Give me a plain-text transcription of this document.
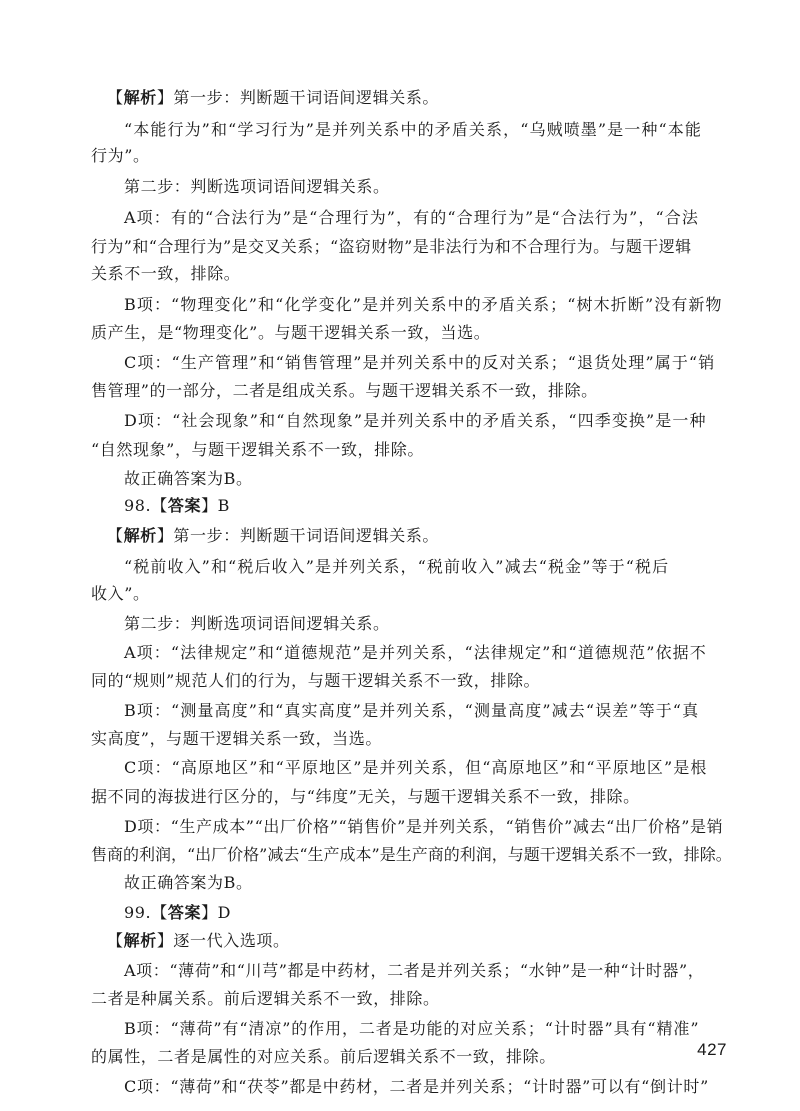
【解析】第一步：判断题干词语间逻辑关系。

“本能行为”和“学习行为”是并列关系中的矛盾关系，“乌贼喷墨”是一种“本能

行为”。

第二步：判断选项词语间逻辑关系。

A项：有的“合法行为”是“合理行为”，有的“合理行为”是“合法行为”，“合法

行为”和“合理行为”是交叉关系；“盗窃财物”是非法行为和不合理行为。与题干逻辑

关系不一致，排除。

B项：“物理变化”和“化学变化”是并列关系中的矛盾关系；“树木折断”没有新物

质产生，是“物理变化”。与题干逻辑关系一致，当选。

C项：“生产管理”和“销售管理”是并列关系中的反对关系；“退货处理”属于“销

售管理”的一部分，二者是组成关系。与题干逻辑关系不一致，排除。

D项：“社会现象”和“自然现象”是并列关系中的矛盾关系，“四季变换”是一种

“自然现象”，与题干逻辑关系不一致，排除。

故正确答案为B。

98.【答案】B

【解析】第一步：判断题干词语间逻辑关系。

“税前收入”和“税后收入”是并列关系，“税前收入”减去“税金”等于“税后

收入”。

第二步：判断选项词语间逻辑关系。

A项：“法律规定”和“道德规范”是并列关系，“法律规定”和“道德规范”依据不

同的“规则”规范人们的行为，与题干逻辑关系不一致，排除。

B项：“测量高度”和“真实高度”是并列关系，“测量高度”减去“误差”等于“真

实高度”，与题干逻辑关系一致，当选。

C项：“高原地区”和“平原地区”是并列关系，但“高原地区”和“平原地区”是根

据不同的海拔进行区分的，与“纬度”无关，与题干逻辑关系不一致，排除。

D项：“生产成本”“出厂价格”“销售价”是并列关系，“销售价”减去“出厂价格”是销

售商的利润，“出厂价格”减去“生产成本”是生产商的利润，与题干逻辑关系不一致，排除。

故正确答案为B。

99.【答案】D

【解析】逐一代入选项。

A项：“薄荷”和“川芎”都是中药材，二者是并列关系；“水钟”是一种“计时器”，

二者是种属关系。前后逻辑关系不一致，排除。

B项：“薄荷”有“清凉”的作用，二者是功能的对应关系；“计时器”具有“精准”

的属性，二者是属性的对应关系。前后逻辑关系不一致，排除。

C项：“薄荷”和“茯苓”都是中药材，二者是并列关系；“计时器”可以有“倒计时”

427
